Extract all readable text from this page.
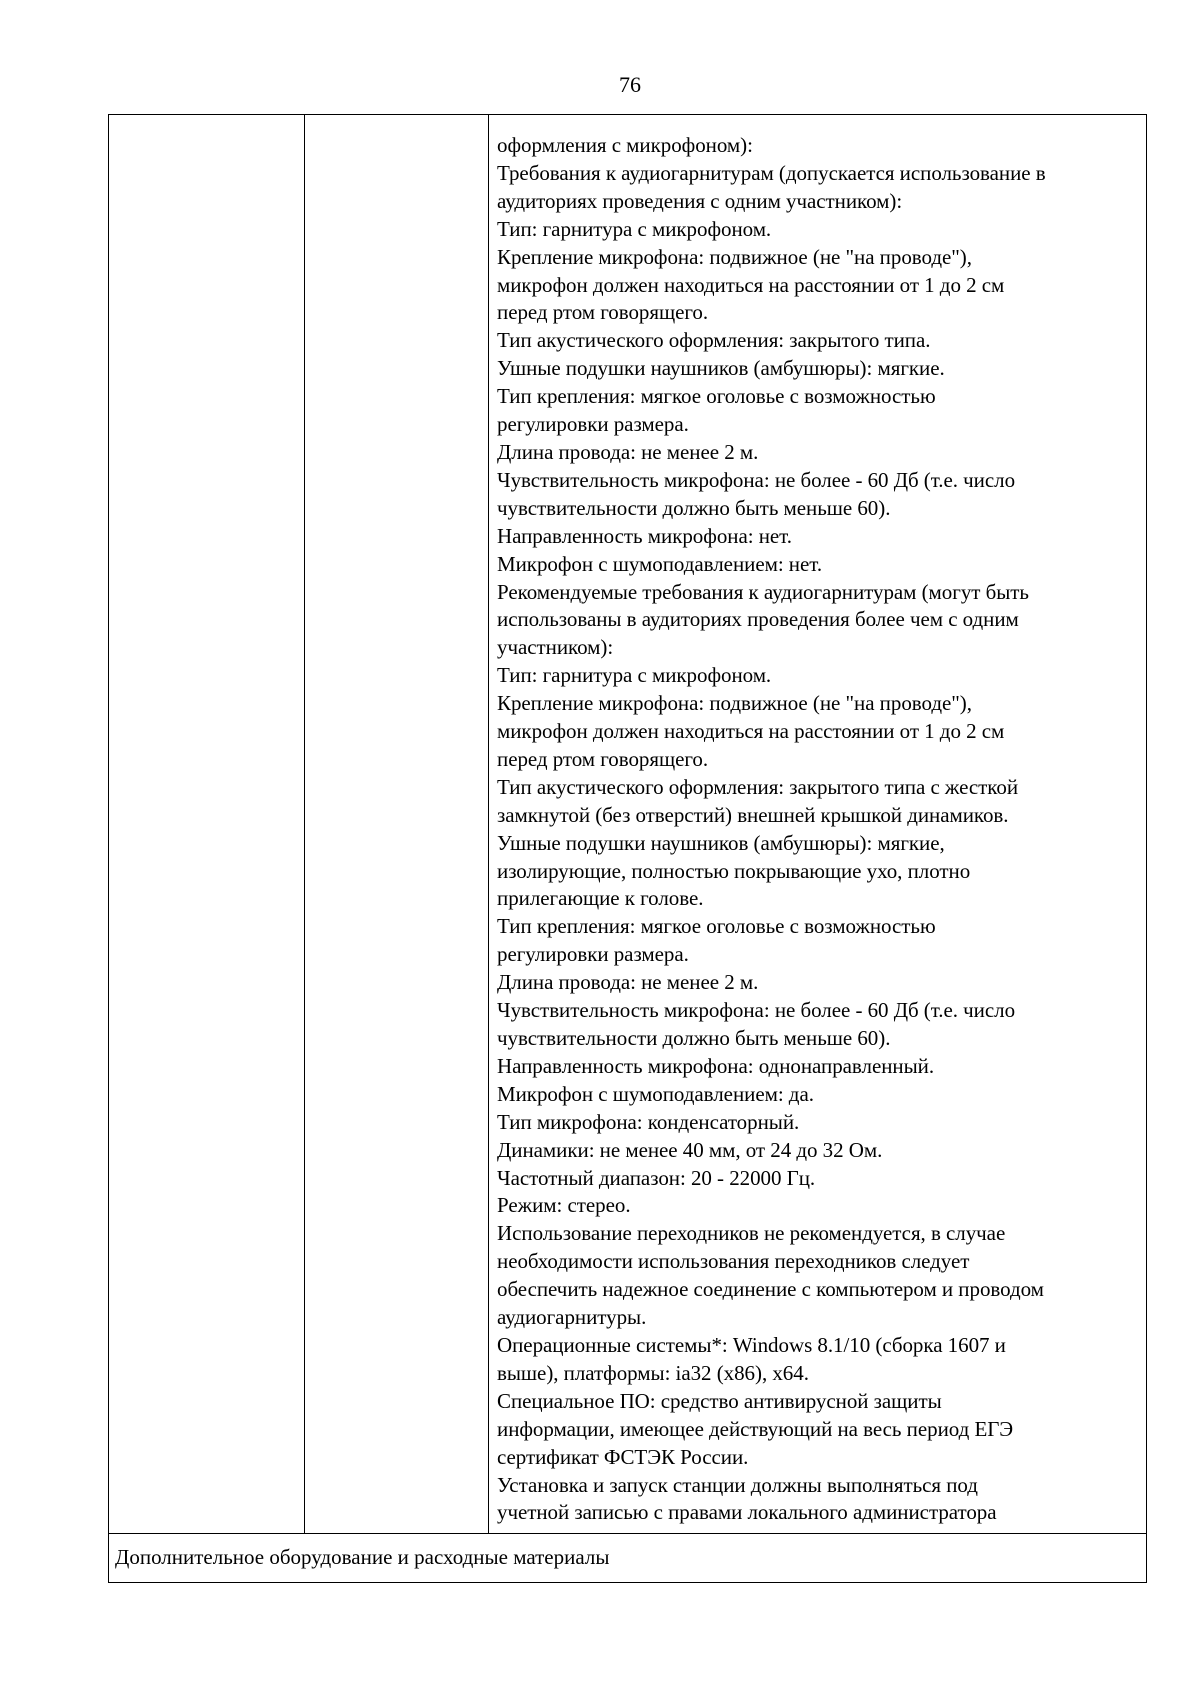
76
оформления с микрофоном):
Требования к аудиогарнитурам (допускается использование в
аудиториях проведения с одним участником):
Тип: гарнитура с микрофоном.
Крепление микрофона: подвижное (не "на проводе"),
микрофон должен находиться на расстоянии от 1 до 2 см
перед ртом говорящего.
Тип акустического оформления: закрытого типа.
Ушные подушки наушников (амбушюры): мягкие.
Тип крепления: мягкое оголовье с возможностью
регулировки размера.
Длина провода: не менее 2 м.
Чувствительность микрофона: не более - 60 Дб (т.е. число
чувствительности должно быть меньше 60).
Направленность микрофона: нет.
Микрофон с шумоподавлением: нет.
Рекомендуемые требования к аудиогарнитурам (могут быть
использованы в аудиториях проведения более чем с одним
участником):
Тип: гарнитура с микрофоном.
Крепление микрофона: подвижное (не "на проводе"),
микрофон должен находиться на расстоянии от 1 до 2 см
перед ртом говорящего.
Тип акустического оформления: закрытого типа с жесткой
замкнутой (без отверстий) внешней крышкой динамиков.
Ушные подушки наушников (амбушюры): мягкие,
изолирующие, полностью покрывающие ухо, плотно
прилегающие к голове.
Тип крепления: мягкое оголовье с возможностью
регулировки размера.
Длина провода: не менее 2 м.
Чувствительность микрофона: не более - 60 Дб (т.е. число
чувствительности должно быть меньше 60).
Направленность микрофона: однонаправленный.
Микрофон с шумоподавлением: да.
Тип микрофона: конденсаторный.
Динамики: не менее 40 мм, от 24 до 32 Ом.
Частотный диапазон: 20 - 22000 Гц.
Режим: стерео.
Использование переходников не рекомендуется, в случае
необходимости использования переходников следует
обеспечить надежное соединение с компьютером и проводом
аудиогарнитуры.
Операционные системы*: Windows 8.1/10 (сборка 1607 и
выше), платформы: ia32 (x86), x64.
Специальное ПО: средство антивирусной защиты
информации, имеющее действующий на весь период ЕГЭ
сертификат ФСТЭК России.
Установка и запуск станции должны выполняться под
учетной записью с правами локального администратора
Дополнительное оборудование и расходные материалы
